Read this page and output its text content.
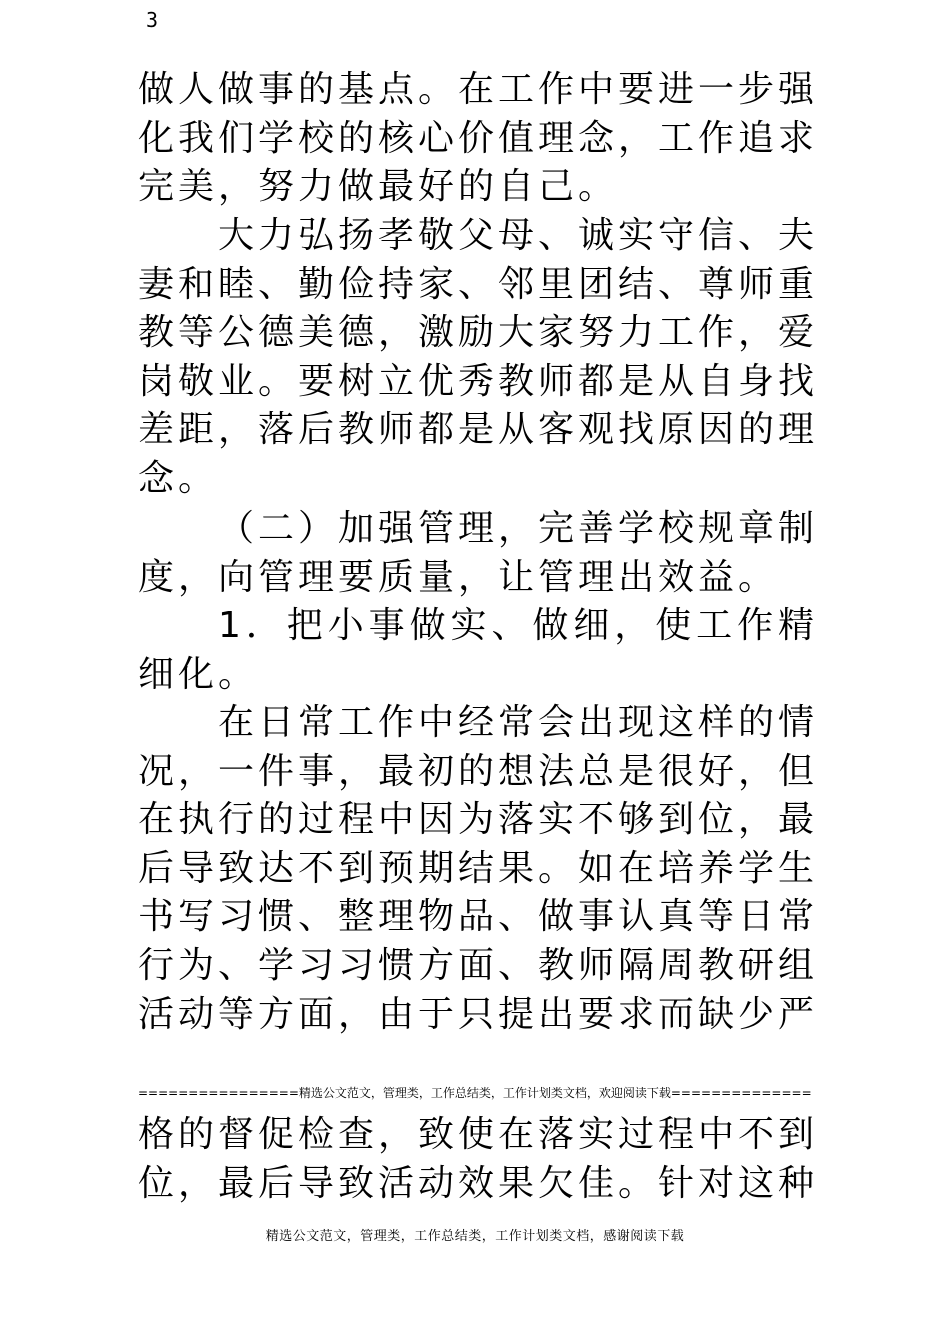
3

做人做事的基点。在工作中要进一步强化我们学校的核心价值理念，工作追求完美，努力做最好的自己。

大力弘扬孝敬父母、诚实守信、夫妻和睦、勤俭持家、邻里团结、尊师重教等公德美德，激励大家努力工作，爱岗敬业。要树立优秀教师都是从自身找差距，落后教师都是从客观找原因的理念。

（二）加强管理，完善学校规章制度，向管理要质量，让管理出效益。

1．把小事做实、做细，使工作精细化。

在日常工作中经常会出现这样的情况，一件事，最初的想法总是很好，但在执行的过程中因为落实不够到位，最后导致达不到预期结果。如在培养学生书写习惯、整理物品、做事认真等日常行为、学习习惯方面、教师隔周教研组活动等方面，由于只提出要求而缺少严

================精选公文范文，管理类，工作总结类，工作计划类文档，欢迎阅读下载==============

格的督促检查，致使在落实过程中不到位，最后导致活动效果欠佳。针对这种

精选公文范文，管理类，工作总结类，工作计划类文档，感谢阅读下载
